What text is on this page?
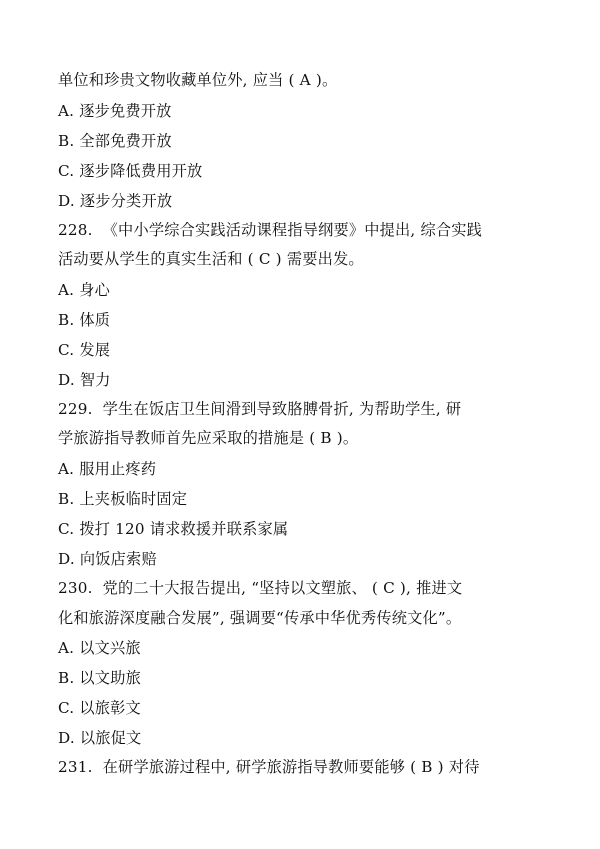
单位和珍贵文物收藏单位外, 应当 ( A )。
A. 逐步免费开放
B. 全部免费开放
C. 逐步降低费用开放
D. 逐步分类开放
228.  《中小学综合实践活动课程指导纲要》中提出, 综合实践
活动要从学生的真实生活和 ( C ) 需要出发。
A. 身心
B. 体质
C. 发展
D. 智力
229.  学生在饭店卫生间滑到导致胳膊骨折, 为帮助学生, 研
学旅游指导教师首先应采取的措施是 ( B )。
A. 服用止疼药
B. 上夹板临时固定
C. 拨打 120 请求救援并联系家属
D. 向饭店索赔
230.  党的二十大报告提出, “坚持以文塑旅、 ( C ), 推进文
化和旅游深度融合发展”, 强调要“传承中华优秀传统文化”。
A. 以文兴旅
B. 以文助旅
C. 以旅彰文
D. 以旅促文
231.  在研学旅游过程中, 研学旅游指导教师要能够 ( B ) 对待
